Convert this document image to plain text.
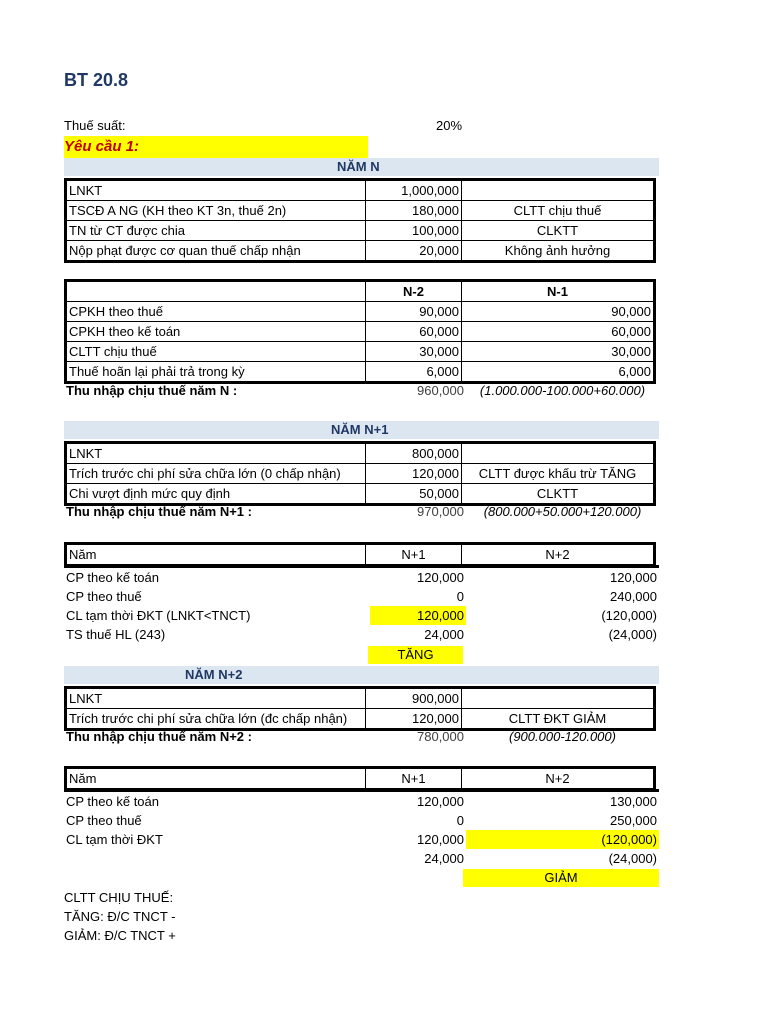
BT 20.8
Thuế suất:	20%
Yêu cầu 1:
NĂM N
LNKT	1,000,000	
TSCĐ A NG (KH theo KT 3n, thuế 2n)	180,000	CLTT chịu thuế
TN từ CT được chia	100,000	CLKTT
Nộp phạt được cơ quan thuế chấp nhận	20,000	Không ảnh hưởng
	N-2	N-1
CPKH theo thuế	90,000	90,000
CPKH theo kế toán	60,000	60,000
CLTT chịu thuế	30,000	30,000
Thuế hoãn lại phải trả trong kỳ	6,000	6,000
Thu nhập chịu thuế năm N :	960,000	(1.000.000-100.000+60.000)
NĂM N+1
LNKT	800,000	
Trích trước chi phí sửa chữa lớn (0 chấp nhận)	120,000	CLTT được khấu trừ TĂNG
Chi vượt định mức quy định	50,000	CLKTT
Thu nhập chịu thuế năm N+1 :	970,000	(800.000+50.000+120.000)
Năm	N+1	N+2
CP theo kế toán	120,000	120,000
CP theo thuế	0	240,000
CL tạm thời ĐKT (LNKT<TNCT)	120,000	(120,000)
TS thuế HL (243)	24,000	(24,000)
TĂNG
NĂM N+2
LNKT	900,000	
Trích trước chi phí sửa chữa lớn (đc chấp nhận)	120,000	CLTT ĐKT GIẢM
Thu nhập chịu thuế năm N+2 :	780,000	(900.000-120.000)
Năm	N+1	N+2
CP theo kế toán	120,000	130,000
CP theo thuế	0	250,000
CL tạm thời ĐKT	120,000	(120,000)
	24,000	(24,000)
GIẢM
CLTT CHỊU THUẾ:
TĂNG: Đ/C TNCT -
GIẢM: Đ/C TNCT +
